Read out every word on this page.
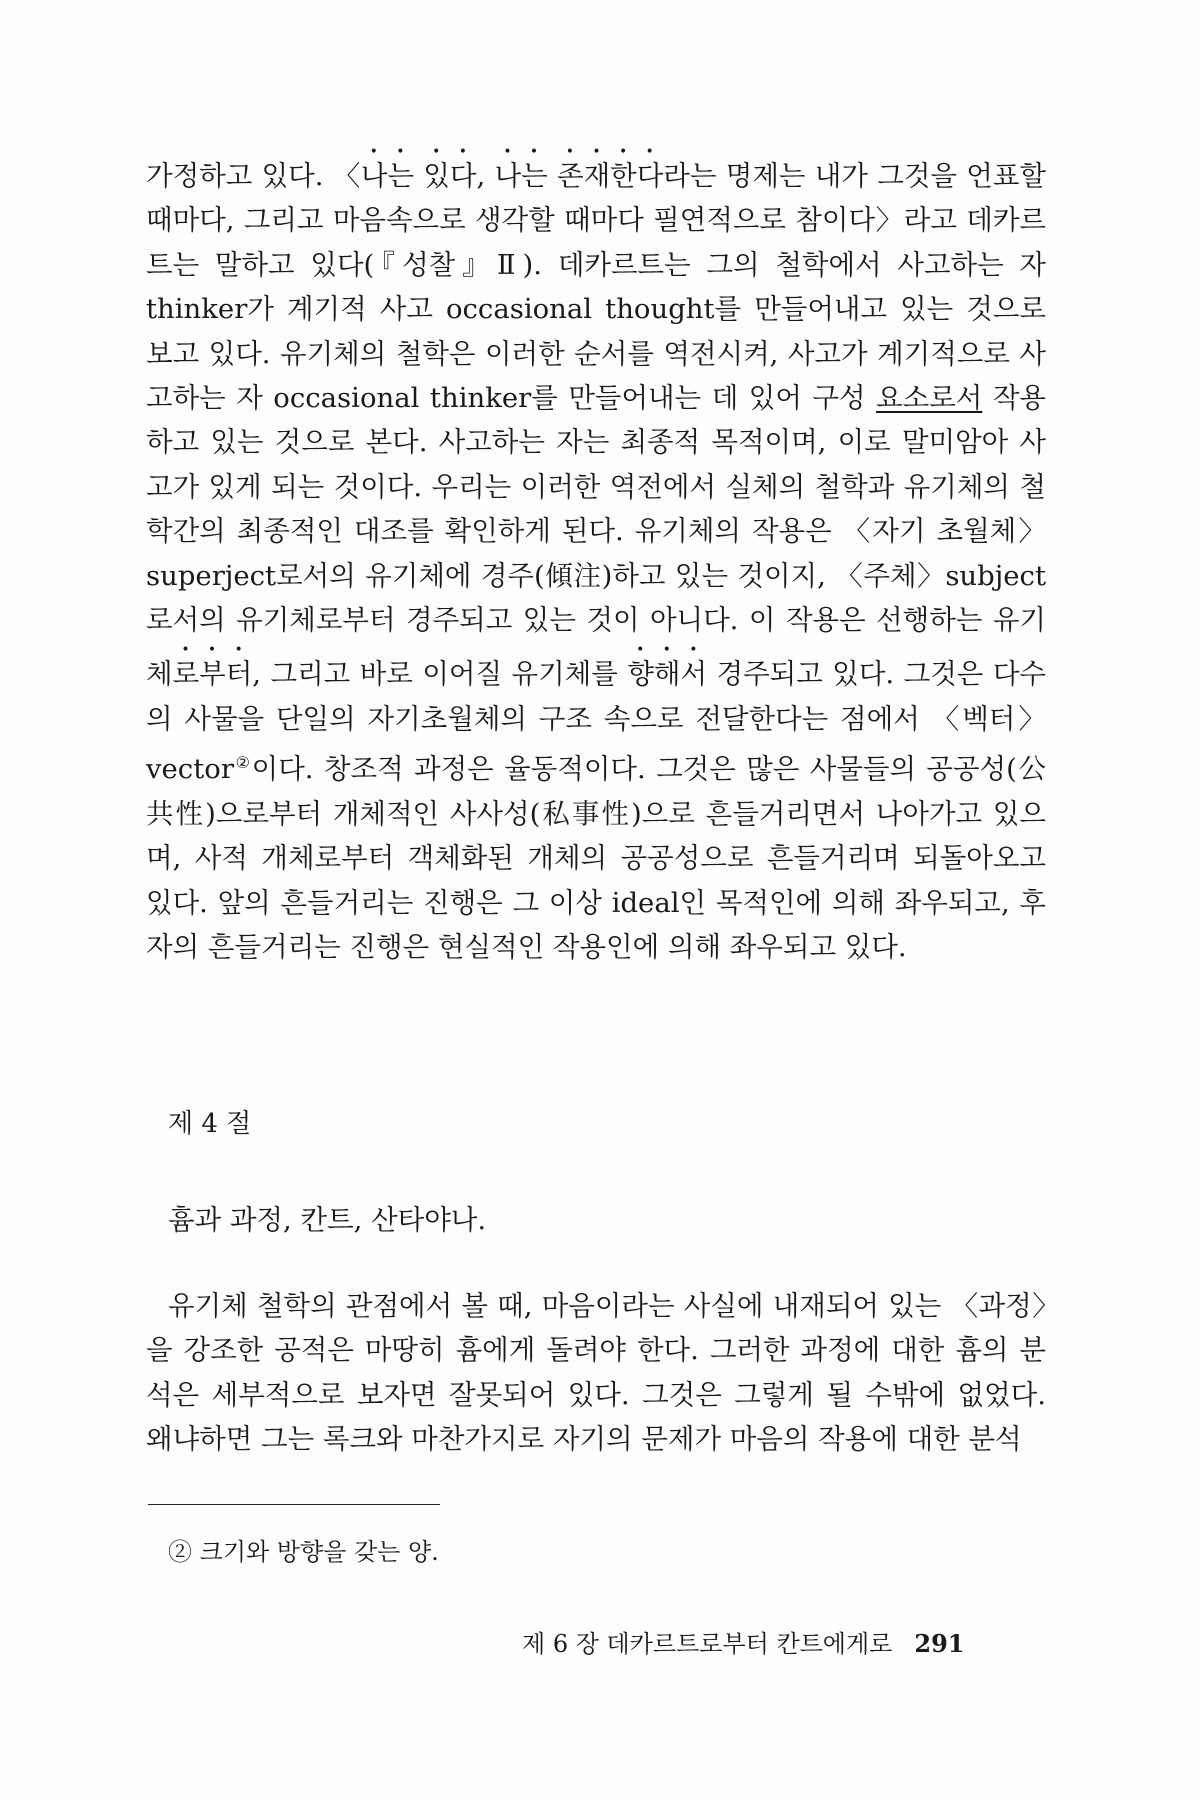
가정하고 있다. 〈나는 있다, 나는 존재한다라는 명제는 내가 그것을 언표할 때마다, 그리고 마음속으로 생각할 때마다 필연적으로 참이다〉라고 데카르트는 말하고 있다(『성찰』Ⅱ). 데카르트는 그의 철학에서 사고하는 자 thinker가 계기적 사고 occasional thought를 만들어내고 있는 것으로 보고 있다. 유기체의 철학은 이러한 순서를 역전시켜, 사고가 계기적으로 사고하는 자 occasional thinker를 만들어내는 데 있어 구성 요소로서 작용하고 있는 것으로 본다. 사고하는 자는 최종적 목적이며, 이로 말미암아 사고가 있게 되는 것이다. 우리는 이러한 역전에서 실체의 철학과 유기체의 철학간의 최종적인 대조를 확인하게 된다. 유기체의 작용은 〈자기 초월체〉 superject로서의 유기체에 경주(傾注)하고 있는 것이지, 〈주체〉subject로서의 유기체로부터 경주되고 있는 것이 아니다. 이 작용은 선행하는 유기체로부터, 그리고 바로 이어질 유기체를 향해서 경주되고 있다. 그것은 다수의 사물을 단일의 자기초월체의 구조 속으로 전달한다는 점에서 〈벡터〉 vector②이다. 창조적 과정은 율동적이다. 그것은 많은 사물들의 공공성(公共性)으로부터 개체적인 사사성(私事性)으로 흔들거리면서 나아가고 있으며, 사적 개체로부터 객체화된 개체의 공공성으로 흔들거리며 되돌아오고 있다. 앞의 흔들거리는 진행은 그 이상 ideal인 목적인에 의해 좌우되고, 후자의 흔들거리는 진행은 현실적인 작용인에 의해 좌우되고 있다.

제 4 절
흄과 과정, 칸트, 산타야나.

유기체 철학의 관점에서 볼 때, 마음이라는 사실에 내재되어 있는 〈과정〉을 강조한 공적은 마땅히 흄에게 돌려야 한다. 그러한 과정에 대한 흄의 분석은 세부적으로 보자면 잘못되어 있다. 그것은 그렇게 될 수밖에 없었다. 왜냐하면 그는 록크와 마찬가지로 자기의 문제가 마음의 작용에 대한 분석

② 크기와 방향을 갖는 양.
제 6 장 데카르트로부터 칸트에게로 291
